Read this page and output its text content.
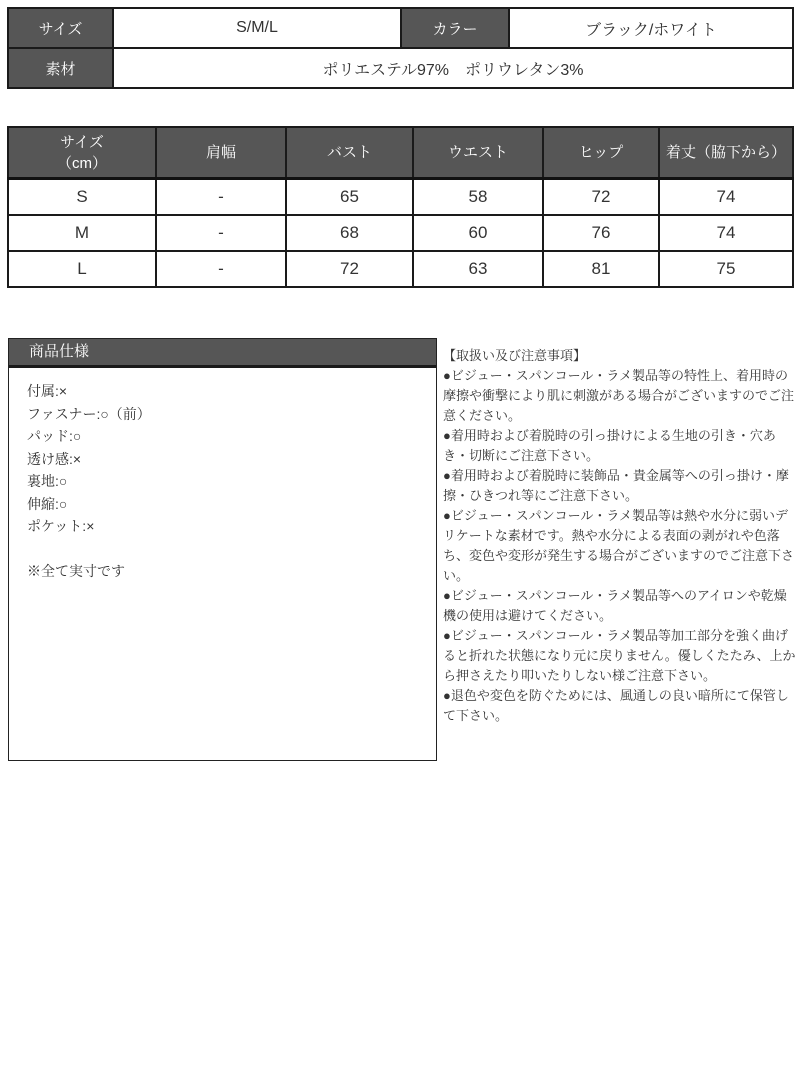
サイズ	S/M/L	カラー	ブラック/ホワイト
素材	ポリエステル97%　ポリウレタン3%		
サイズ
（cm）	肩幅	バスト	ウエスト	ヒップ	着丈（脇下から）
S	-	65	58	72	74
M	-	68	60	76	74
L	-	72	63	81	75
商品仕様

付属:×

ファスナー:○（前）

パッド:○

透け感:×

裏地:○

伸縮:○

ポケット:×

※全て実寸です

【取扱い及び注意事項】

●ビジュー・スパンコール・ラメ製品等の特性上、着用時の摩擦や衝撃により肌に刺激がある場合がございますのでご注意ください。

●着用時および着脱時の引っ掛けによる生地の引き・穴あき・切断にご注意下さい。

●着用時および着脱時に装飾品・貴金属等への引っ掛け・摩擦・ひきつれ等にご注意下さい。

●ビジュー・スパンコール・ラメ製品等は熱や水分に弱いデリケートな素材です。熱や水分による表面の剥がれや色落ち、変色や変形が発生する場合がございますのでご注意下さい。

●ビジュー・スパンコール・ラメ製品等へのアイロンや乾燥機の使用は避けてください。

●ビジュー・スパンコール・ラメ製品等加工部分を強く曲げると折れた状態になり元に戻りません。優しくたたみ、上から押さえたり叩いたりしない様ご注意下さい。

●退色や変色を防ぐためには、風通しの良い暗所にて保管して下さい。
